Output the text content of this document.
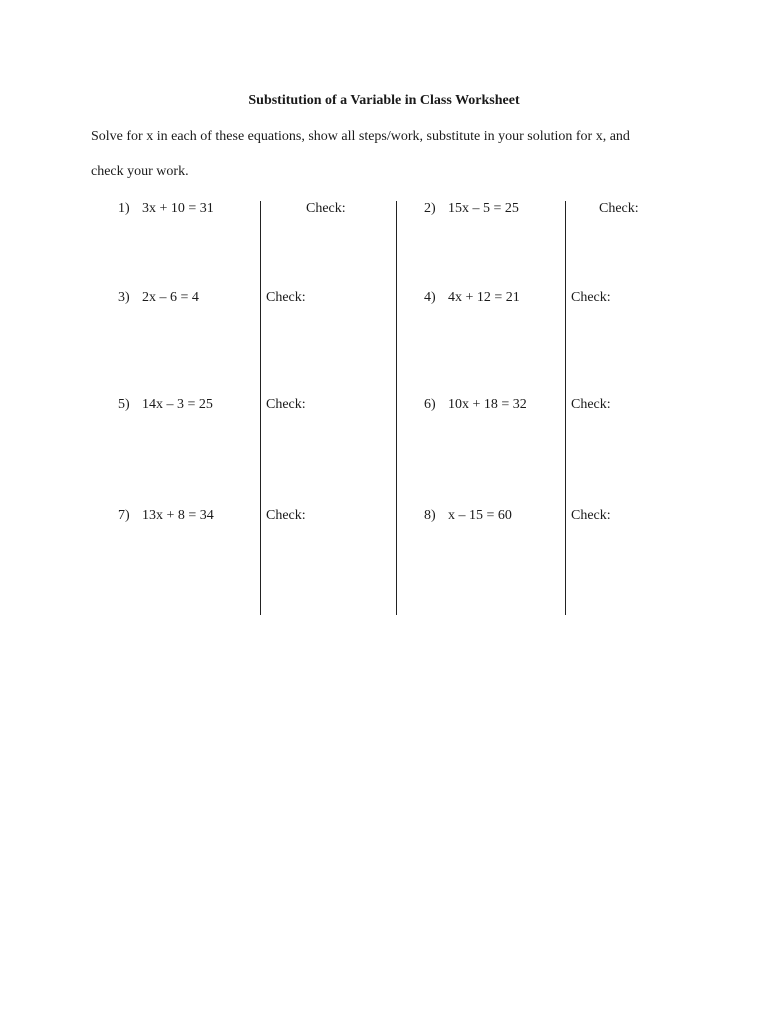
Substitution of a Variable in Class Worksheet
Solve for x in each of these equations, show all steps/work, substitute in your solution for x, and
check your work.
1) 3x + 10 = 31	Check:	2) 15x – 5 = 25	Check:
3) 2x – 6 = 4	Check:	4) 4x + 12 = 21	Check:
5) 14x – 3 = 25	Check:	6) 10x + 18 = 32	Check:
7) 13x + 8 = 34	Check:	8) x – 15 = 60	Check:
